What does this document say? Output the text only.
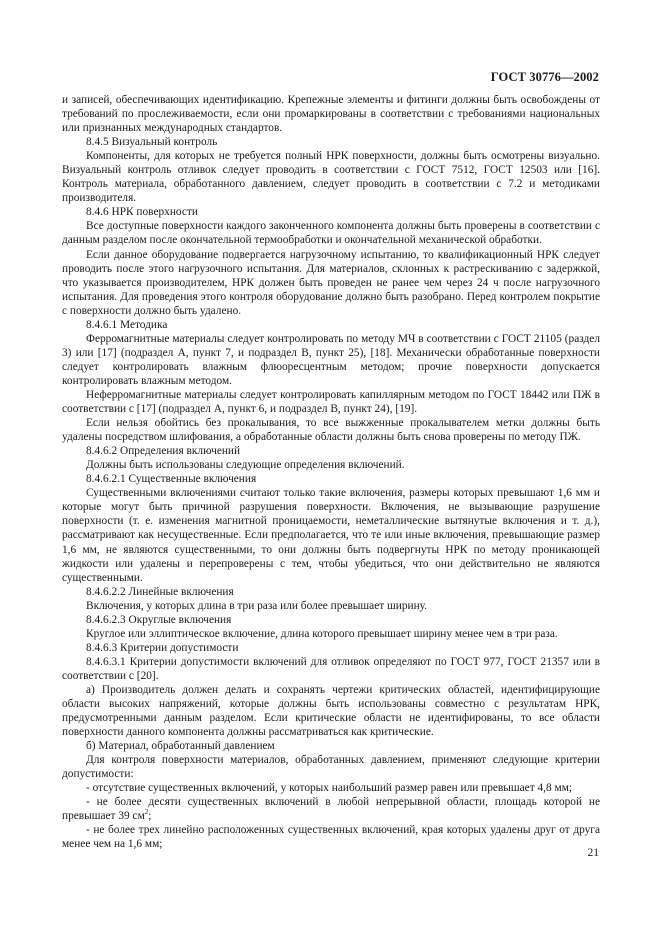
ГОСТ 30776—2002

и записей, обеспечивающих идентификацию. Крепежные элементы и фитинги должны быть освобождены от требований по прослеживаемости, если они промаркированы в соответствии с требованиями национальных или признанных международных стандартов.

8.4.5 Визуальный контроль

Компоненты, для которых не требуется полный НРК поверхности, должны быть осмотрены визуально. Визуальный контроль отливок следует проводить в соответствии с ГОСТ 7512, ГОСТ 12503 или [16]. Контроль материала, обработанного давлением, следует проводить в соответствии с 7.2 и методиками производителя.

8.4.6 НРК поверхности

Все доступные поверхности каждого законченного компонента должны быть проверены в соответствии с данным разделом после окончательной термообработки и окончательной механической обработки.

Если данное оборудование подвергается нагрузочному испытанию, то квалификационный НРК следует проводить после этого нагрузочного испытания. Для материалов, склонных к растрескиванию с задержкой, что указывается производителем, НРК должен быть проведен не ранее чем через 24 ч после нагрузочного испытания. Для проведения этого контроля оборудование должно быть разобрано. Перед контролем покрытие с поверхности должно быть удалено.

8.4.6.1 Методика

Ферромагнитные материалы следует контролировать по методу МЧ в соответствии с ГОСТ 21105 (раздел 3) или [17] (подраздел А, пункт 7, и подраздел В, пункт 25), [18]. Механически обработанные поверхности следует контролировать влажным флюоресцентным методом; прочие поверхности допускается контролировать влажным методом.

Неферромагнитные материалы следует контролировать капиллярным методом по ГОСТ 18442 или ПЖ в соответствии с [17] (подраздел А, пункт 6, и подраздел В, пункт 24), [19].

Если нельзя обойтись без прокалывания, то все выжженные прокалывателем метки должны быть удалены посредством шлифования, а обработанные области должны быть снова проверены по методу ПЖ.

8.4.6.2 Определения включений

Должны быть использованы следующие определения включений.

8.4.6.2.1 Существенные включения

Существенными включениями считают только такие включения, размеры которых превышают 1,6 мм и которые могут быть причиной разрушения поверхности. Включения, не вызывающие разрушение поверхности (т. е. изменения магнитной проницаемости, неметаллические вытянутые включения и т. д.), рассматривают как несущественные. Если предполагается, что те или иные включения, превышающие размер 1,6 мм, не являются существенными, то они должны быть подвергнуты НРК по методу проникающей жидкости или удалены и перепроверены с тем, чтобы убедиться, что они действительно не являются существенными.

8.4.6.2.2 Линейные включения

Включения, у которых длина в три раза или более превышает ширину.

8.4.6.2.3 Округлые включения

Круглое или эллиптическое включение, длина которого превышает ширину менее чем в три раза.

8.4.6.3 Критерии допустимости

8.4.6.3.1 Критерии допустимости включений для отливок определяют по ГОСТ 977, ГОСТ 21357 или в соответствии с [20].

а) Производитель должен делать и сохранять чертежи критических областей, идентифицирующие области высоких напряжений, которые должны быть использованы совместно с результатам НРК, предусмотренными данным разделом. Если критические области не идентифированы, то все области поверхности данного компонента должны рассматриваться как критические.

б) Материал, обработанный давлением

Для контроля поверхности материалов, обработанных давлением, применяют следующие критерии допустимости:

- отсутствие существенных включений, у которых наибольший размер равен или превышает 4,8 мм;

- не более десяти существенных включений в любой непрерывной области, площадь которой не превышает 39 $см^2$;

- не более трех линейно расположенных существенных включений, края которых удалены друг от друга менее чем на 1,6 мм;

21
